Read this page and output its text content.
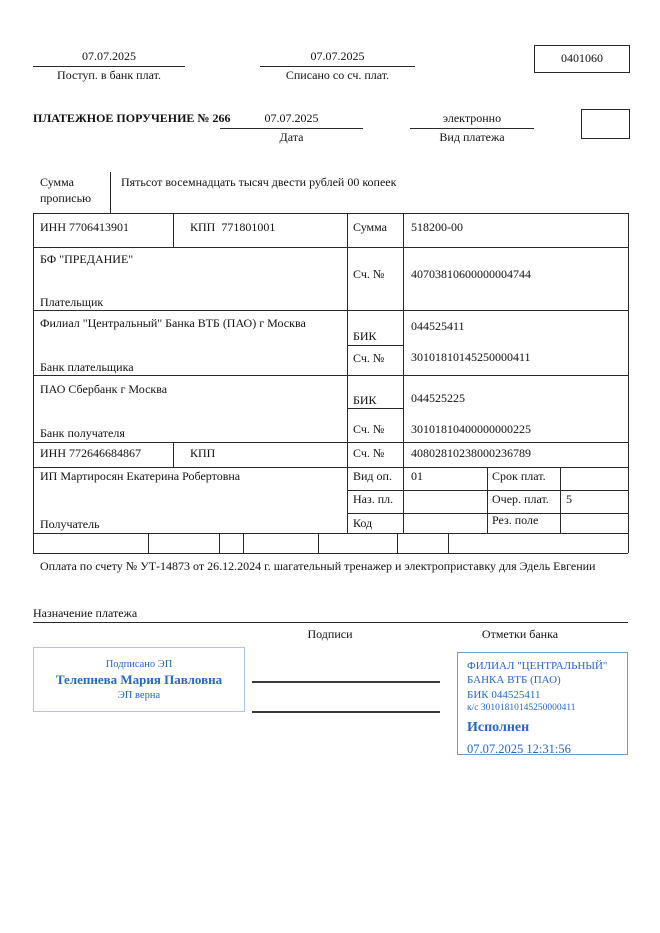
07.07.2025
Поступ. в банк плат.
07.07.2025
Списано со сч. плат.
0401060
ПЛАТЕЖНОЕ ПОРУЧЕНИЕ № 266	07.07.2025
Дата
электронно
Вид платежа
Сумма
прописью
Пятьсот восемнадцать тысяч двести рублей 00 копеек
ИНН 7706413901	КПП  771801001	Сумма 518200-00
БФ "ПРЕДАНИЕ"
Плательщик
Сч. № 40703810600000004744
Филиал "Центральный" Банка ВТБ (ПАО) г Москва
Банк плательщика
БИК
044525411
Сч. № 30101810145250000411
ПАО Сбербанк г Москва
Банк получателя
БИК	044525225
Сч. № 30101810400000000225
ИНН 772646684867	КПП	Сч. № 40802810238000236789
ИП Мартиросян Екатерина Робертовна
Получатель
Вид оп. 01	Срок плат.
Наз. пл.	Очер. плат. 5
Код	Рез. поле
Оплата по счету № УТ-14873 от 26.12.2024 г. шагательный тренажер и электроприставку для Эдель Евгении
Назначение платежа
Подписи	Отметки банка
Подписано ЭП
Телепнева Мария Павловна
ЭП верна
ФИЛИАЛ "ЦЕНТРАЛЬНЫЙ" БАНКА ВТБ (ПАО)
БИК 044525411
к/с 30101810145250000411
Исполнен
07.07.2025 12:31:56
